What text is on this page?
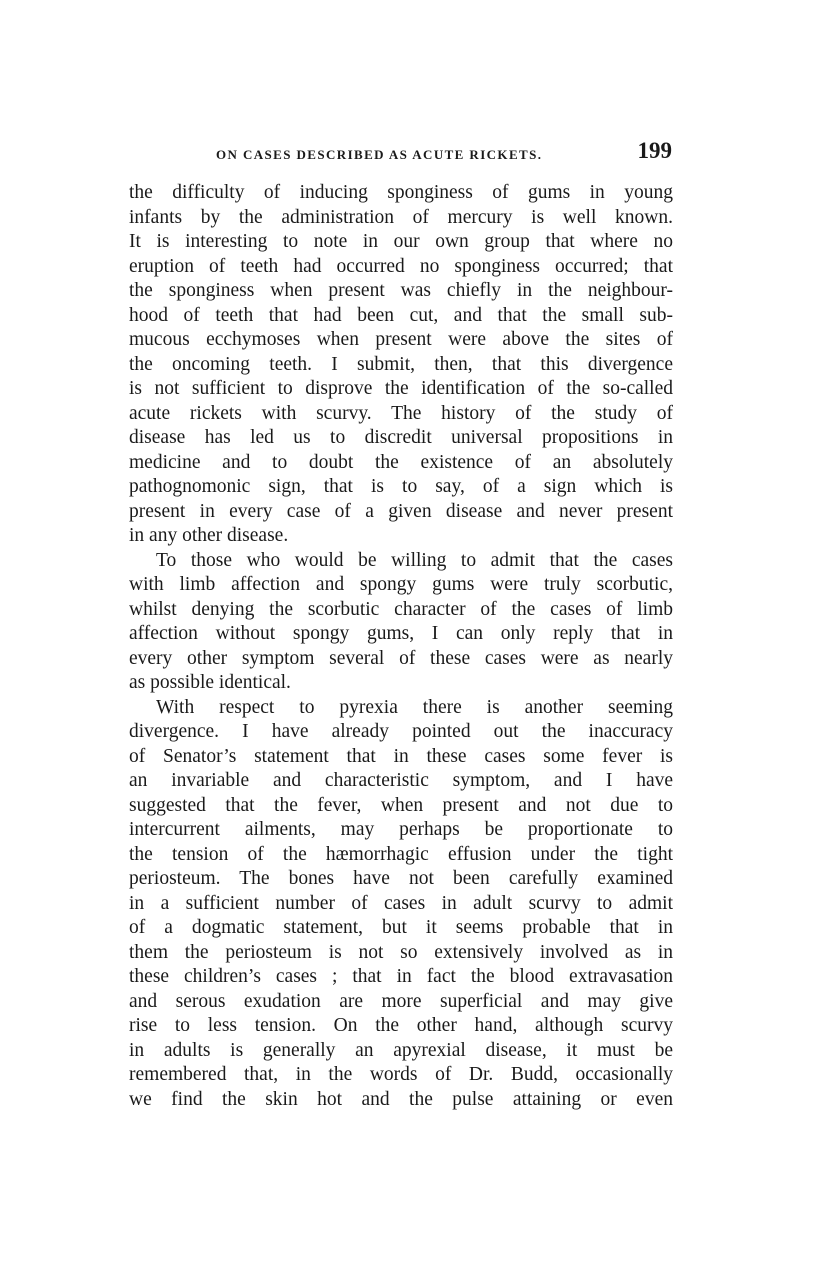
ON CASES DESCRIBED AS ACUTE RICKETS.	199
the difficulty of inducing sponginess of gums in young
infants by the administration of mercury is well known.
It is interesting to note in our own group that where no
eruption of teeth had occurred no sponginess occurred; that
the sponginess when present was chiefly in the neighbour-
hood of teeth that had been cut, and that the small sub-
mucous ecchymoses when present were above the sites of
the oncoming teeth. I submit, then, that this divergence
is not sufficient to disprove the identification of the so-called
acute rickets with scurvy. The history of the study of
disease has led us to discredit universal propositions in
medicine and to doubt the existence of an absolutely
pathognomonic sign, that is to say, of a sign which is
present in every case of a given disease and never present
in any other disease.
To those who would be willing to admit that the cases
with limb affection and spongy gums were truly scorbutic,
whilst denying the scorbutic character of the cases of limb
affection without spongy gums, I can only reply that in
every other symptom several of these cases were as nearly
as possible identical.
With respect to pyrexia there is another seeming
divergence. I have already pointed out the inaccuracy
of Senator’s statement that in these cases some fever is
an invariable and characteristic symptom, and I have
suggested that the fever, when present and not due to
intercurrent ailments, may perhaps be proportionate to
the tension of the hæmorrhagic effusion under the tight
periosteum. The bones have not been carefully examined
in a sufficient number of cases in adult scurvy to admit
of a dogmatic statement, but it seems probable that in
them the periosteum is not so extensively involved as in
these children’s cases ; that in fact the blood extravasation
and serous exudation are more superficial and may give
rise to less tension. On the other hand, although scurvy
in adults is generally an apyrexial disease, it must be
remembered that, in the words of Dr. Budd, occasionally
we find the skin hot and the pulse attaining or even
